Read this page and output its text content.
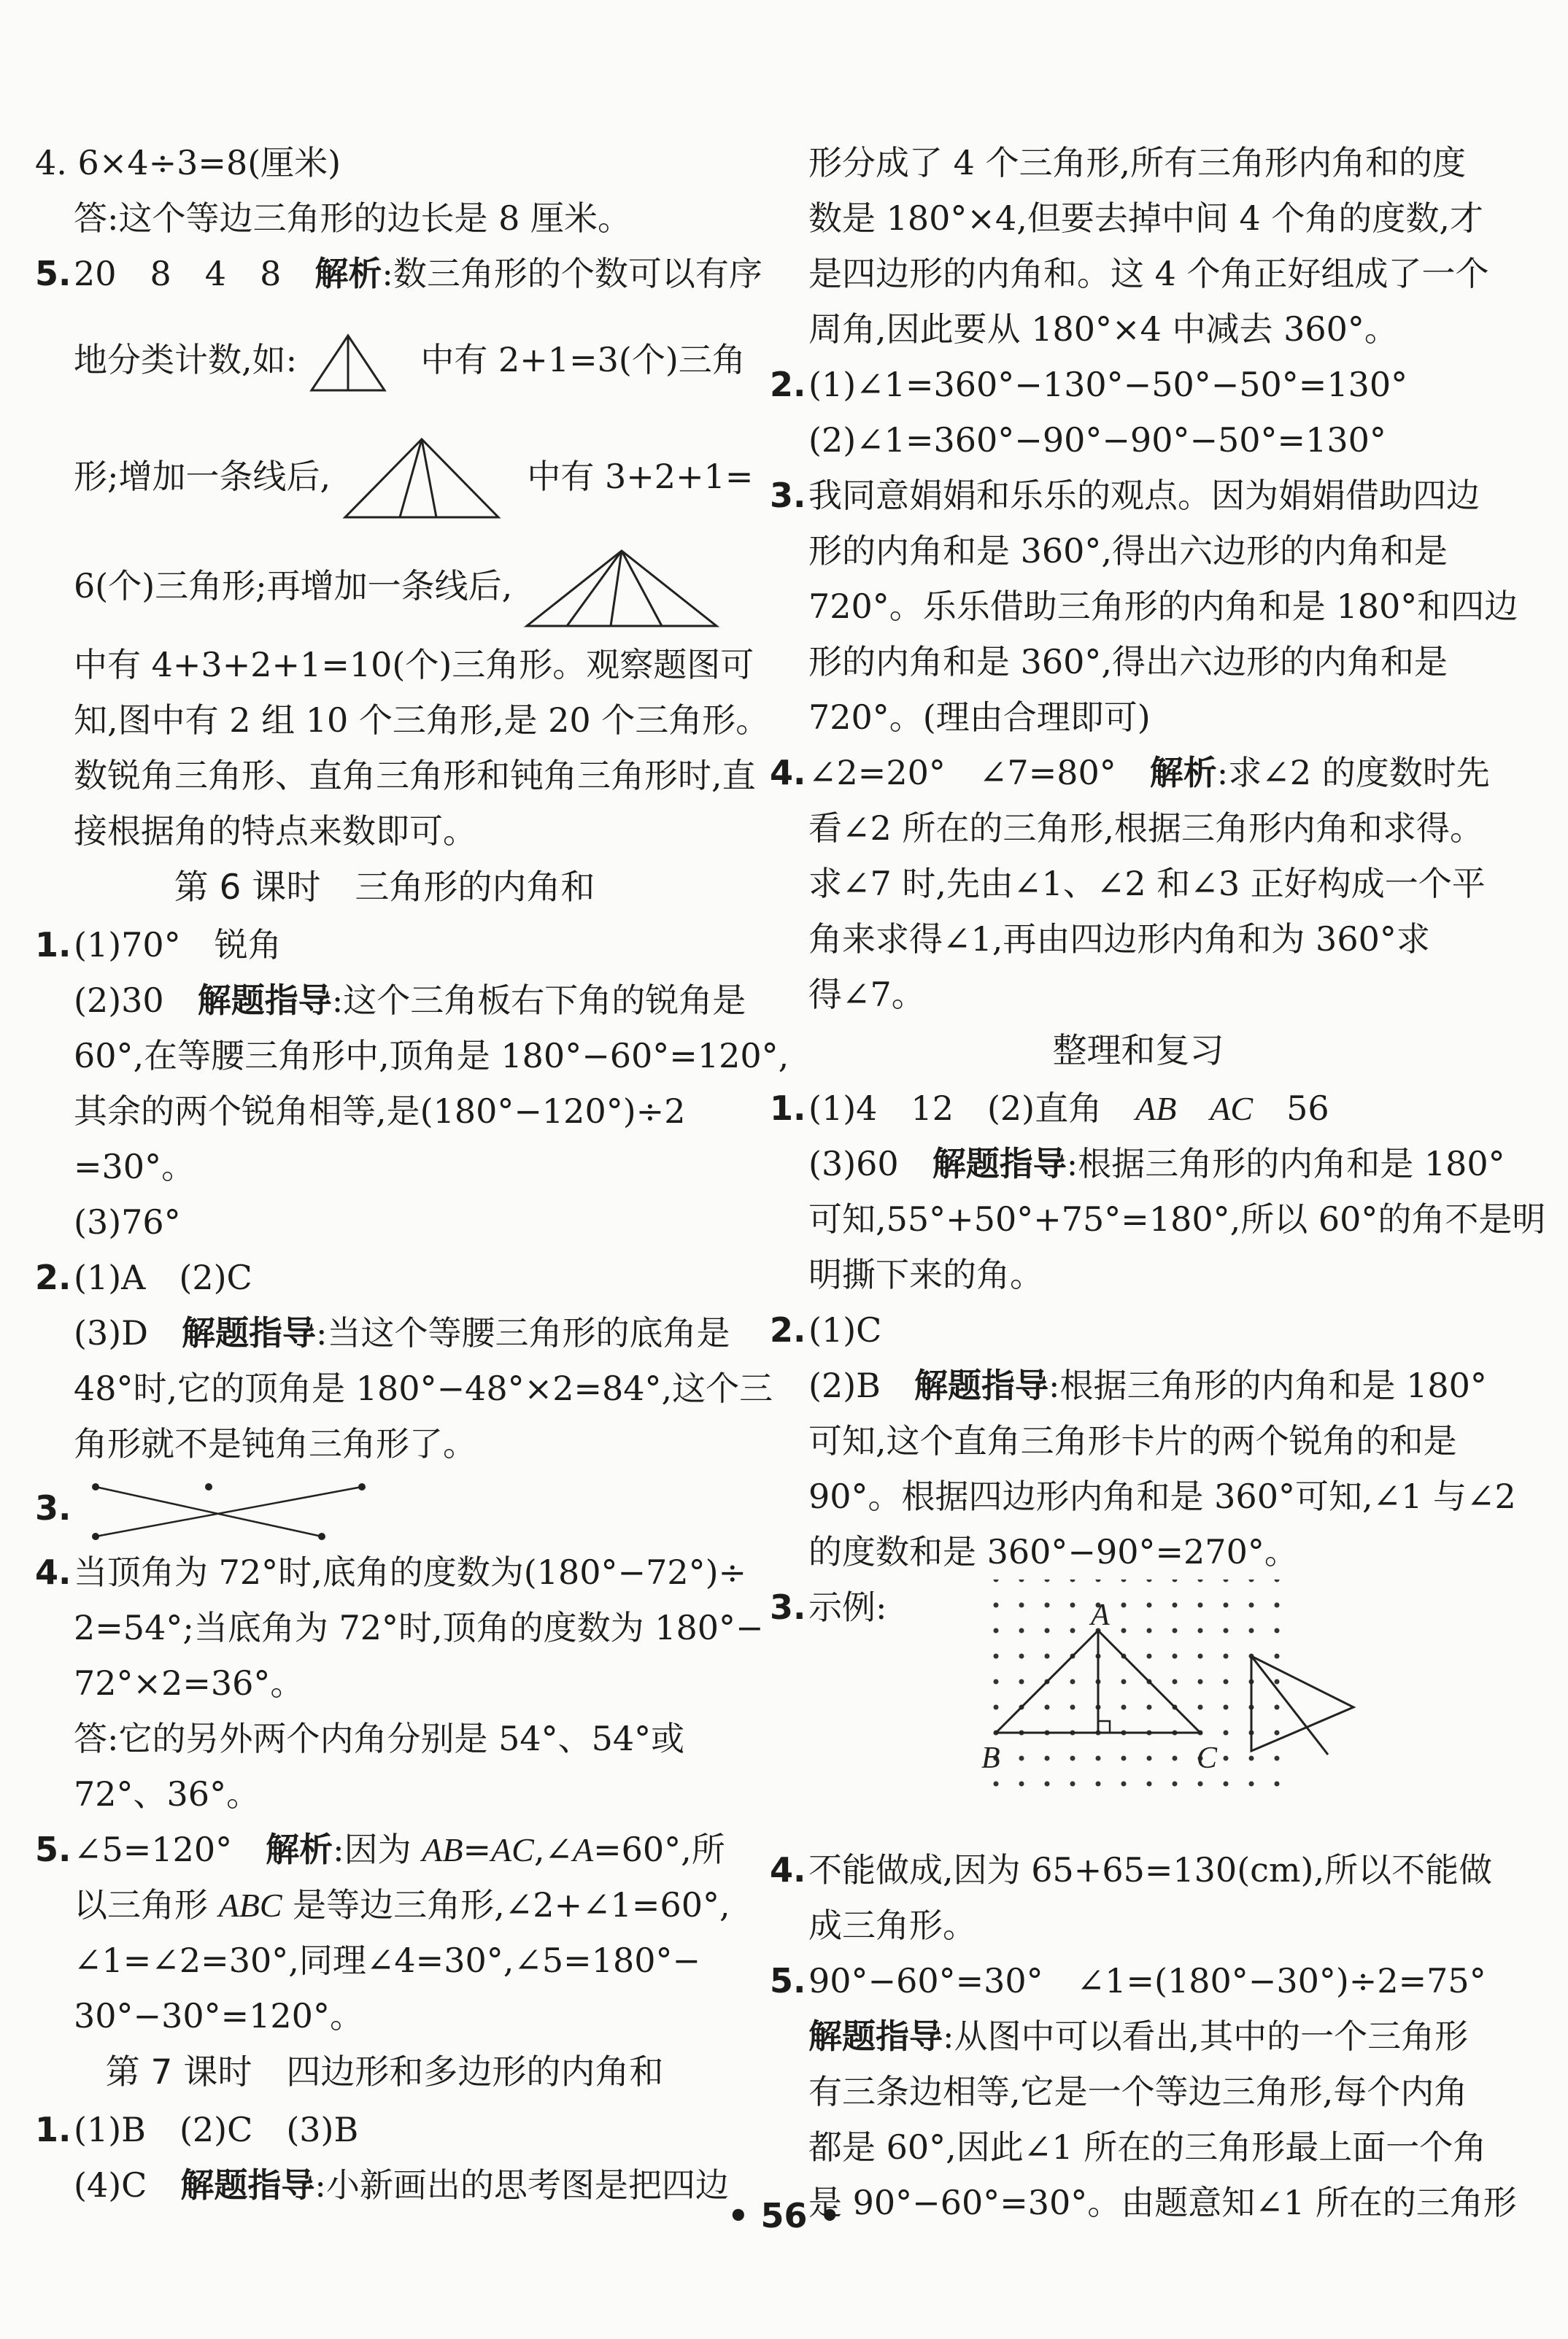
4. 6×4÷3=8(厘米)
答:这个等边三角形的边长是 8 厘米。
5.20　8　4　8　解析:数三角形的个数可以有序
地分类计数,如:	中有 2+1=3(个)三角
形;增加一条线后,	中有 3+2+1=
6(个)三角形;再增加一条线后,
中有 4+3+2+1=10(个)三角形。观察题图可
知,图中有 2 组 10 个三角形,是 20 个三角形。
数锐角三角形、直角三角形和钝角三角形时,直
接根据角的特点来数即可。
第 6 课时　三角形的内角和
1.(1)70°　锐角
(2)30　解题指导:这个三角板右下角的锐角是
60°,在等腰三角形中,顶角是 180°−60°=120°,
其余的两个锐角相等,是(180°−120°)÷2
=30°。
(3)76°
2.(1)A　(2)C
(3)D　解题指导:当这个等腰三角形的底角是
48°时,它的顶角是 180°−48°×2=84°,这个三
角形就不是钝角三角形了。
3.
4.当顶角为 72°时,底角的度数为(180°−72°)÷
2=54°;当底角为 72°时,顶角的度数为 180°−
72°×2=36°。
答:它的另外两个内角分别是 54°、54°或
72°、36°。
5.∠5=120°　解析:因为 AB=AC,∠A=60°,所
以三角形 ABC 是等边三角形,∠2+∠1=60°,
∠1=∠2=30°,同理∠4=30°,∠5=180°−
30°−30°=120°。
第 7 课时　四边形和多边形的内角和
1.(1)B　(2)C　(3)B
(4)C　解题指导:小新画出的思考图是把四边
形分成了 4 个三角形,所有三角形内角和的度
数是 180°×4,但要去掉中间 4 个角的度数,才
是四边形的内角和。这 4 个角正好组成了一个
周角,因此要从 180°×4 中减去 360°。
2.(1)∠1=360°−130°−50°−50°=130°
(2)∠1=360°−90°−90°−50°=130°
3.我同意娟娟和乐乐的观点。因为娟娟借助四边
形的内角和是 360°,得出六边形的内角和是
720°。乐乐借助三角形的内角和是 180°和四边
形的内角和是 360°,得出六边形的内角和是
720°。(理由合理即可)
4.∠2=20°　∠7=80°　解析:求∠2 的度数时先
看∠2 所在的三角形,根据三角形内角和求得。
求∠7 时,先由∠1、∠2 和∠3 正好构成一个平
角来求得∠1,再由四边形内角和为 360°求
得∠7。
整理和复习
1.(1)4　12　(2)直角　AB　 AC　56
(3)60　解题指导:根据三角形的内角和是 180°
可知,55°+50°+75°=180°,所以 60°的角不是明
明撕下来的角。
2.(1)C
(2)B　解题指导:根据三角形的内角和是 180°
可知,这个直角三角形卡片的两个锐角的和是
90°。根据四边形内角和是 360°可知,∠1 与∠2
的度数和是 360°−90°=270°。
3.示例:	A
B	C
4.不能做成,因为 65+65=130(cm),所以不能做
成三角形。
5.90°−60°=30°　∠1=(180°−30°)÷2=75°
解题指导:从图中可以看出,其中的一个三角形
有三条边相等,它是一个等边三角形,每个内角
都是 60°,因此∠1 所在的三角形最上面一个角
是 90°−60°=30°。由题意知∠1 所在的三角形
• 56 •
